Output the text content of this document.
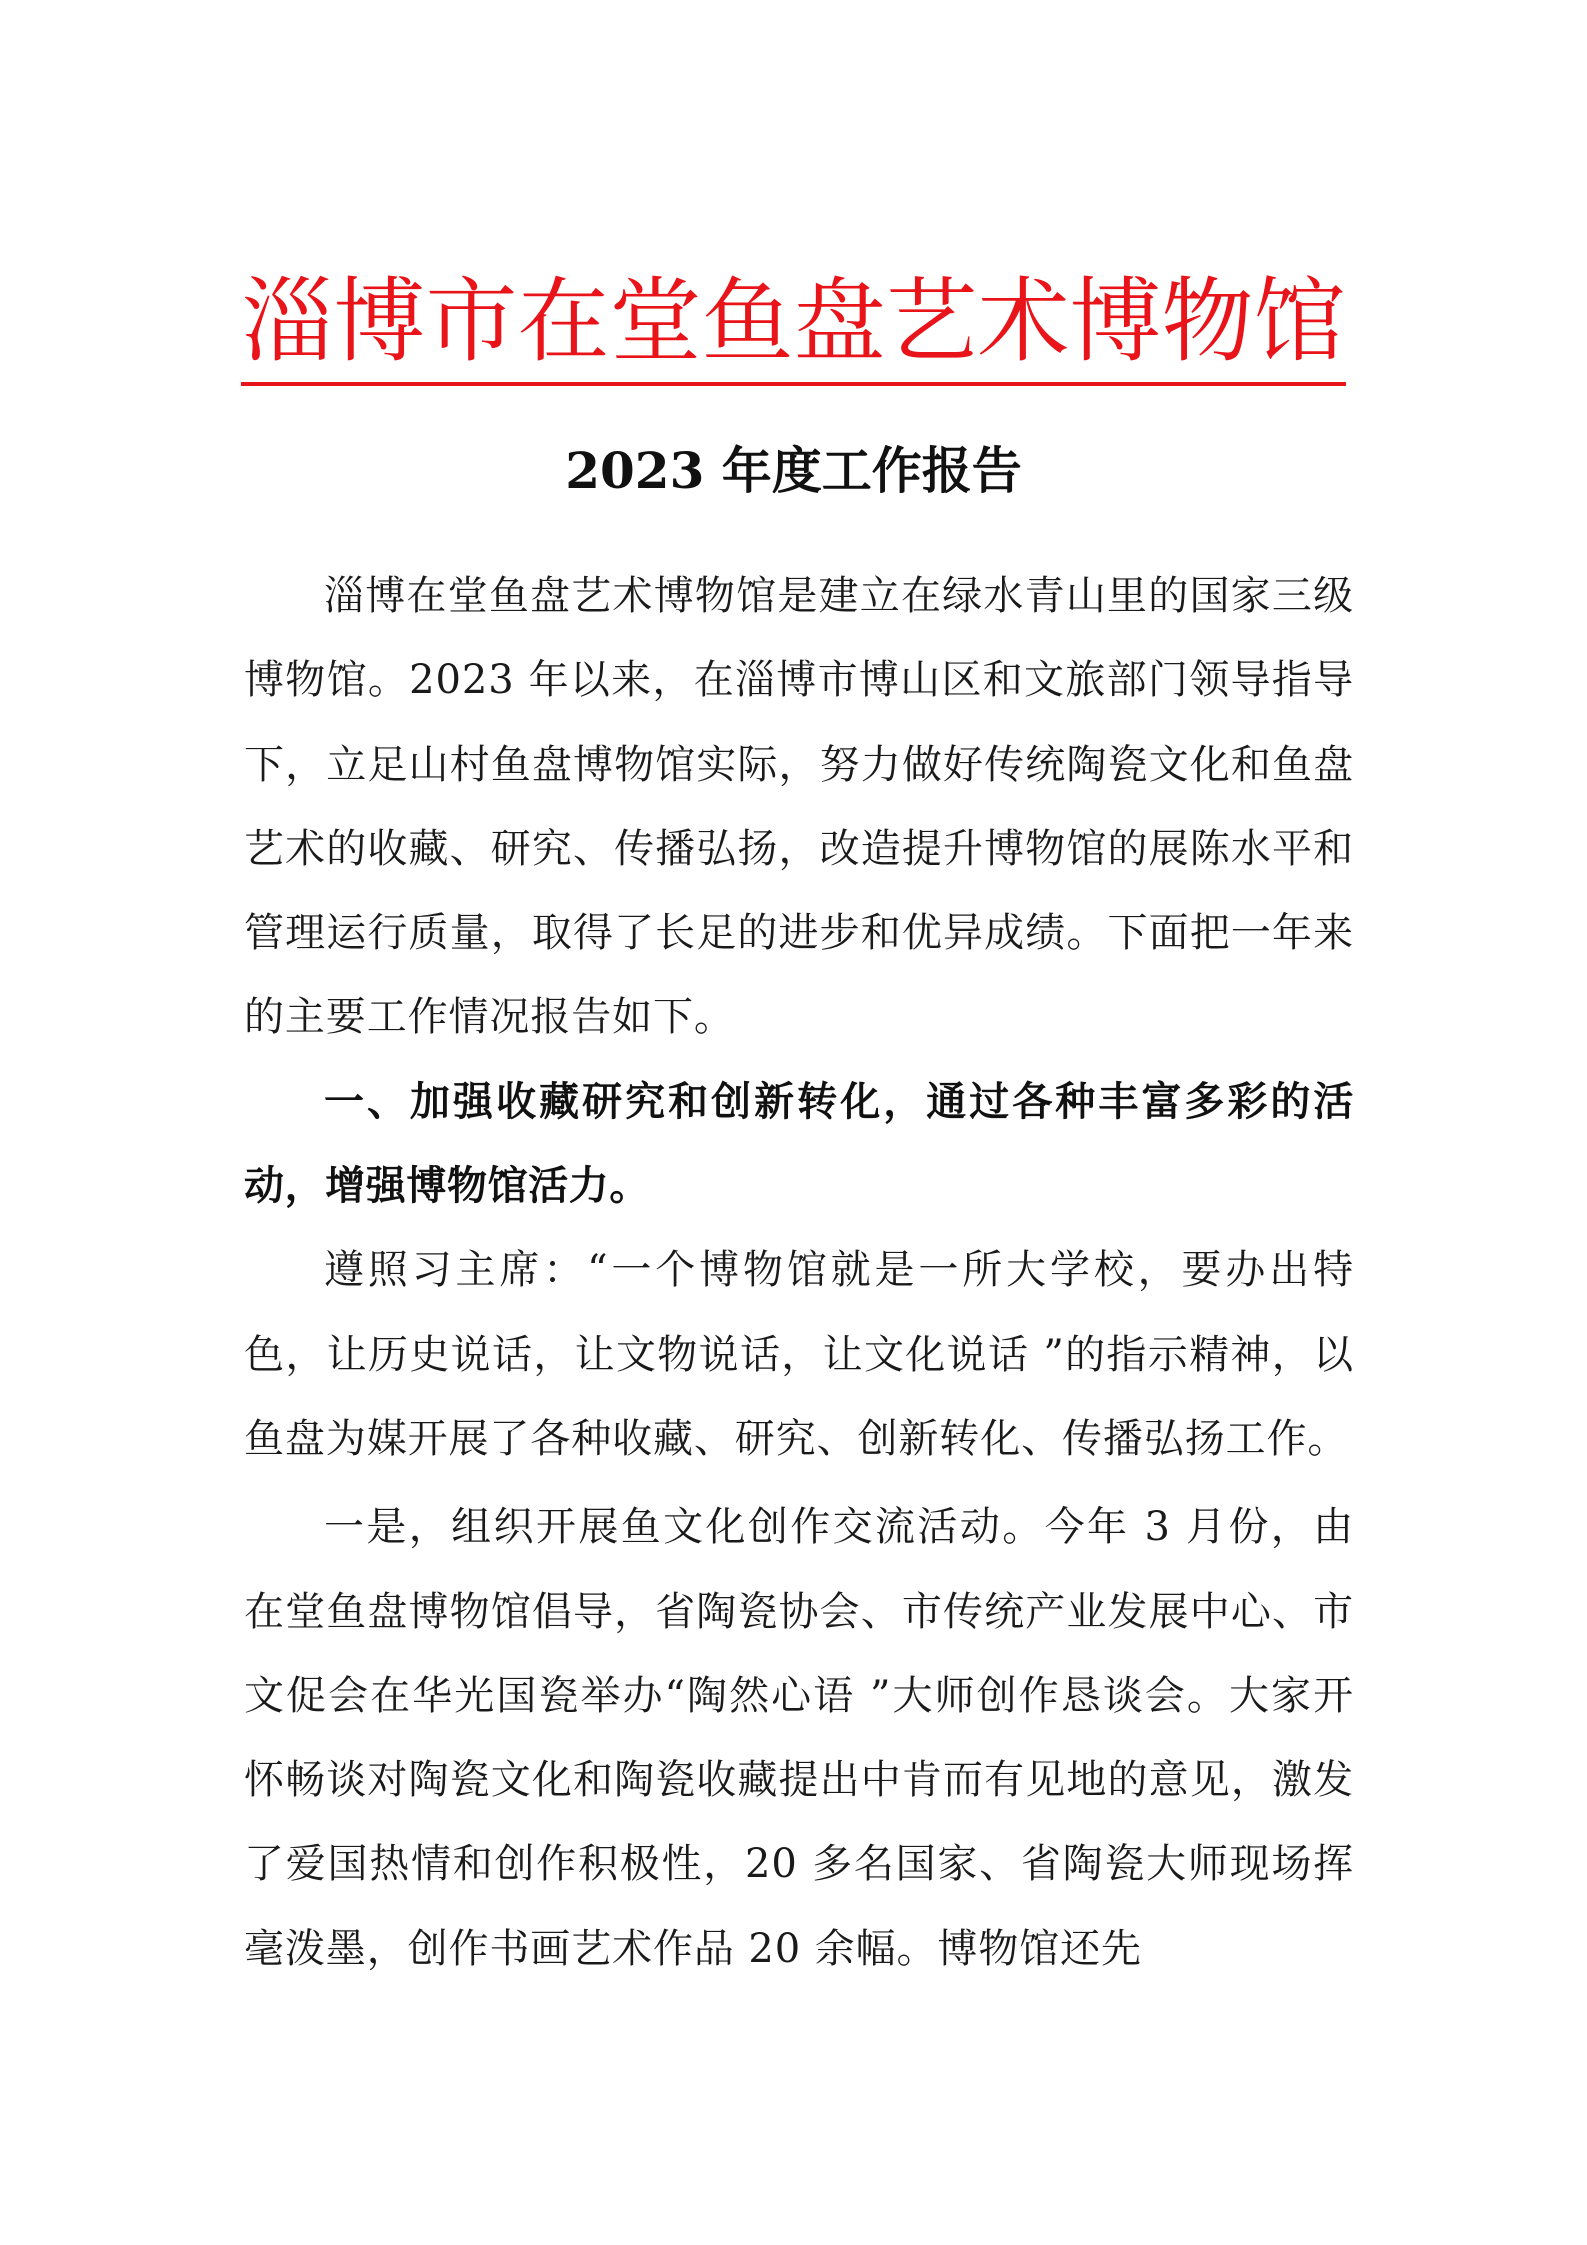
淄博市在堂鱼盘艺术博物馆
2023 年度工作报告

淄博在堂鱼盘艺术博物馆是建立在绿水青山里的国家三级博物馆。2023 年以来，在淄博市博山区和文旅部门领导指导下，立足山村鱼盘博物馆实际，努力做好传统陶瓷文化和鱼盘艺术的收藏、研究、传播弘扬，改造提升博物馆的展陈水平和管理运行质量，取得了长足的进步和优异成绩。下面把一年来的主要工作情况报告如下。

一、加强收藏研究和创新转化，通过各种丰富多彩的活动，增强博物馆活力。

遵照习主席：“一个博物馆就是一所大学校，要办出特色，让历史说话，让文物说话，让文化说话 ”的指示精神，以鱼盘为媒开展了各种收藏、研究、创新转化、传播弘扬工作。

一是，组织开展鱼文化创作交流活动。今年 3 月份，由在堂鱼盘博物馆倡导，省陶瓷协会、市传统产业发展中心、市文促会在华光国瓷举办“陶然心语 ”大师创作恳谈会。大家开怀畅谈对陶瓷文化和陶瓷收藏提出中肯而有见地的意见，激发了爱国热情和创作积极性，20 多名国家、省陶瓷大师现场挥毫泼墨，创作书画艺术作品 20 余幅。博物馆还先
